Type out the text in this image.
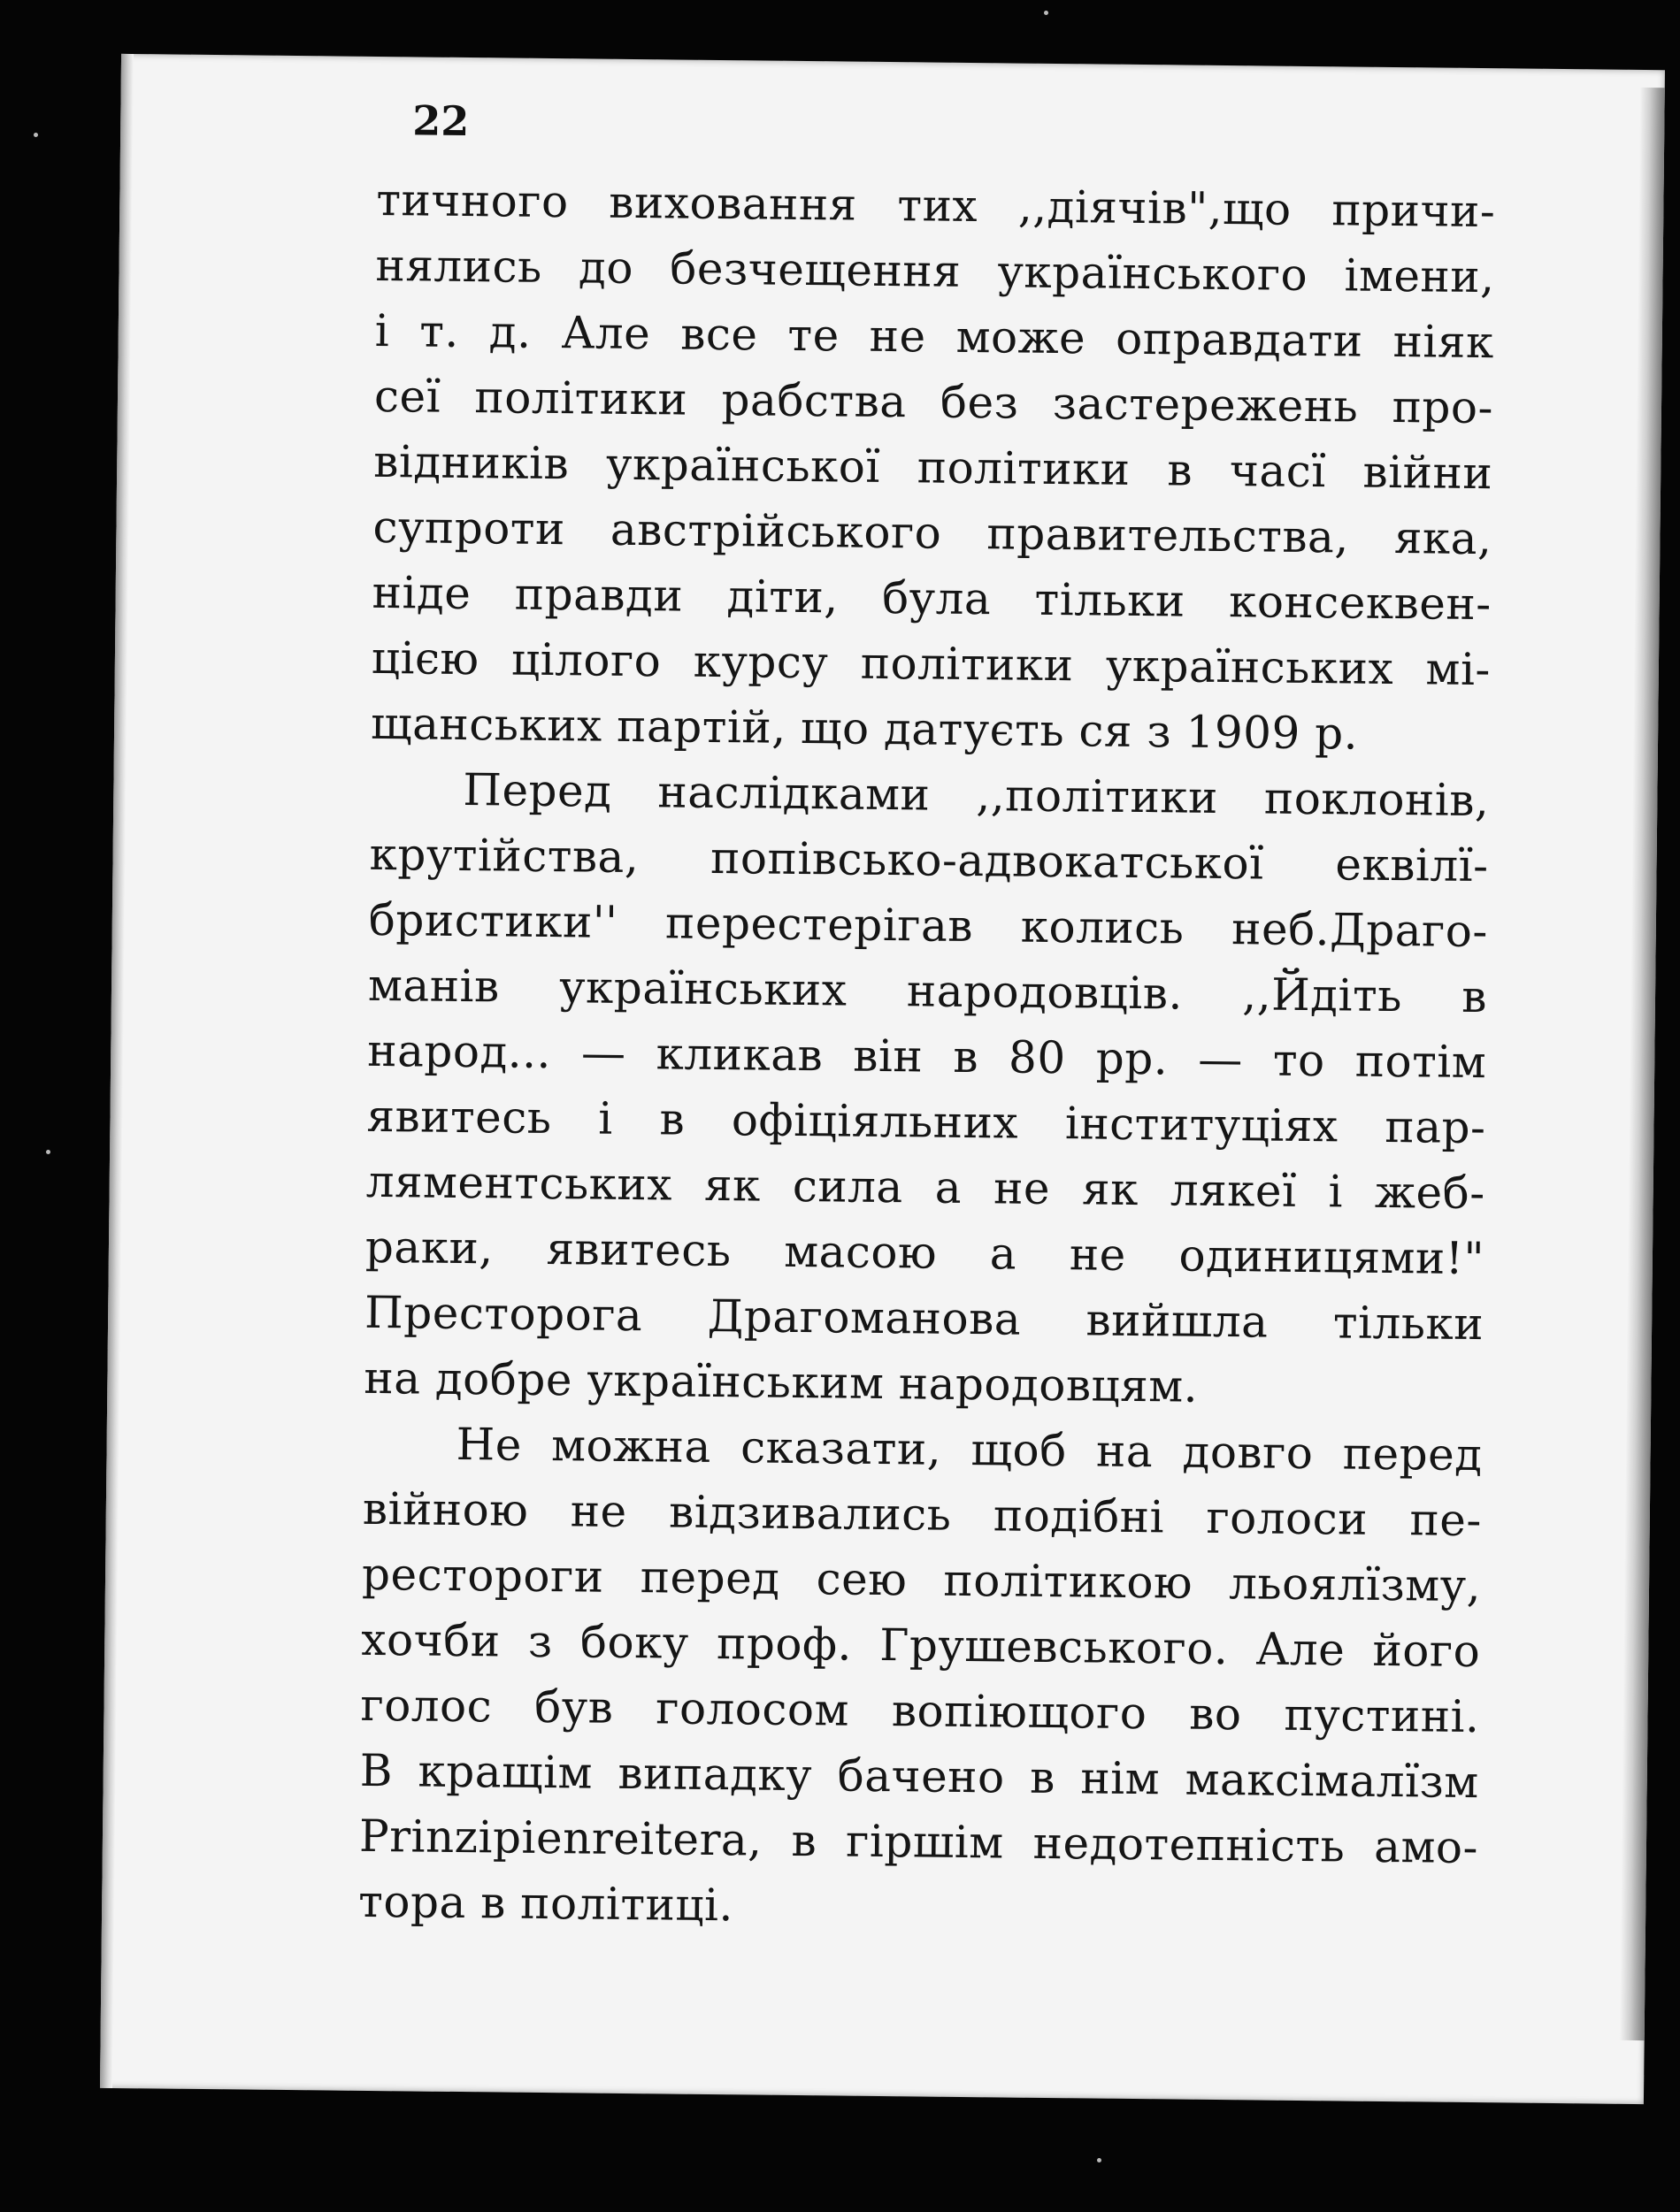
22
тичного виховання тих ,,діячів",що причи-
нялись до безчещення українського імени,
і т. д. Але все те не може оправдати ніяк
сеї політики рабства без застережень про-
відників української політики в часї війни
супроти австрійського правительства, яка,
ніде правди діти, була тільки консеквен-
цією цілого курсу політики українських мі-
щанських партій, що датуєть ся з 1909 р.
Перед наслідками ,,політики поклонів,
крутійства, попівсько-адвокатської еквілї-
бристики'' перестерігав колись неб.Драго-
манів українських народовців. ,,Йдіть в
народ... — кликав він в 80 рр. — то потім
явитесь і в офіціяльних інституціях пар-
ляментських як сила а не як лякеї і жеб-
раки, явитесь масою а не одиницями!"
Престорога Драгоманова вийшла тільки
на добре українським народовцям.
Не можна сказати, щоб на довго перед
війною не відзивались подібні голоси пе-
рестороги перед сею політикою льоялїзму,
хочби з боку проф. Грушевського. Але його
голос був голосом вопіющого во пустині.
В кращім випадку бачено в нім максімалїзм
Prinzipienreitera, в гіршім недотепність амо-
тора в політиці.
